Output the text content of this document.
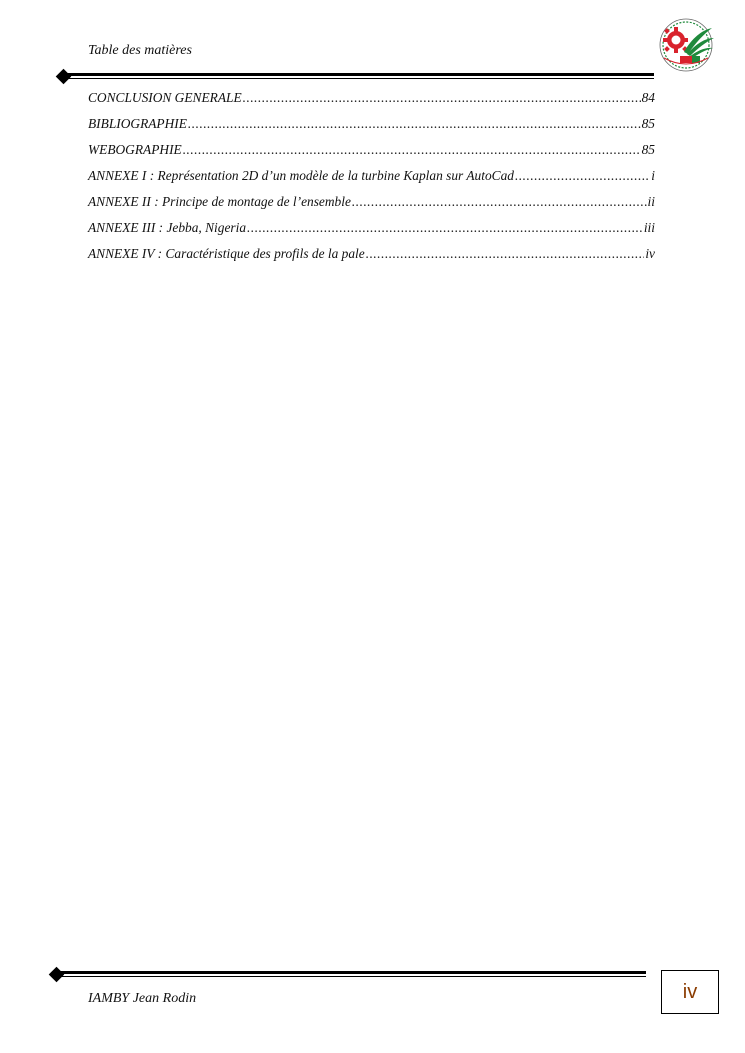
Table des matières
CONCLUSION GENERALE .....	84
BIBLIOGRAPHIE .....	85
WEBOGRAPHIE .....	85
ANNEXE I : Représentation 2D d’un modèle de la turbine Kaplan sur AutoCad .....	i
ANNEXE II : Principe de montage de l’ensemble .....	ii
ANNEXE III : Jebba, Nigeria .....	iii
ANNEXE IV : Caractéristique des profils de la pale .....	iv
IAMBY Jean Rodin	iv
